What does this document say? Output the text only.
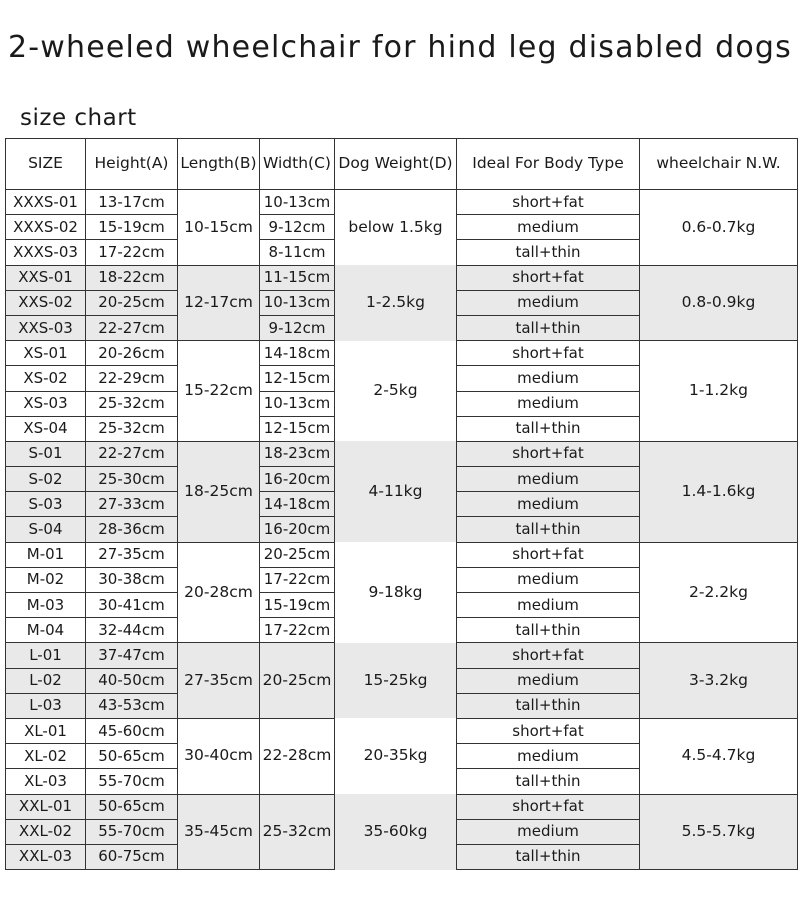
2-wheeled wheelchair for hind leg disabled dogs
size chart
SIZE	Height(A)	Length(B)	Width(C)	Dog Weight(D)	Ideal For Body Type	wheelchair N.W.
XXXS-01	13-17cm	10-15cm	10-13cm	below 1.5kg	short+fat	0.6-0.7kg
XXXS-02	15-19cm		9-12cm		medium	
XXXS-03	17-22cm		8-11cm		tall+thin	
XXS-01	18-22cm	12-17cm	11-15cm	1-2.5kg	short+fat	0.8-0.9kg
XXS-02	20-25cm		10-13cm		medium	
XXS-03	22-27cm		9-12cm		tall+thin	
XS-01	20-26cm	15-22cm	14-18cm	2-5kg	short+fat	1-1.2kg
XS-02	22-29cm		12-15cm		medium	
XS-03	25-32cm		10-13cm		medium	
XS-04	25-32cm		12-15cm		tall+thin	
S-01	22-27cm	18-25cm	18-23cm	4-11kg	short+fat	1.4-1.6kg
S-02	25-30cm		16-20cm		medium	
S-03	27-33cm		14-18cm		medium	
S-04	28-36cm		16-20cm		tall+thin	
M-01	27-35cm	20-28cm	20-25cm	9-18kg	short+fat	2-2.2kg
M-02	30-38cm		17-22cm		medium	
M-03	30-41cm		15-19cm		medium	
M-04	32-44cm		17-22cm		tall+thin	
L-01	37-47cm	27-35cm	20-25cm	15-25kg	short+fat	3-3.2kg
L-02	40-50cm				medium	
L-03	43-53cm				tall+thin	
XL-01	45-60cm	30-40cm	22-28cm	20-35kg	short+fat	4.5-4.7kg
XL-02	50-65cm				medium	
XL-03	55-70cm				tall+thin	
XXL-01	50-65cm	35-45cm	25-32cm	35-60kg	short+fat	5.5-5.7kg
XXL-02	55-70cm				medium	
XXL-03	60-75cm				tall+thin	
